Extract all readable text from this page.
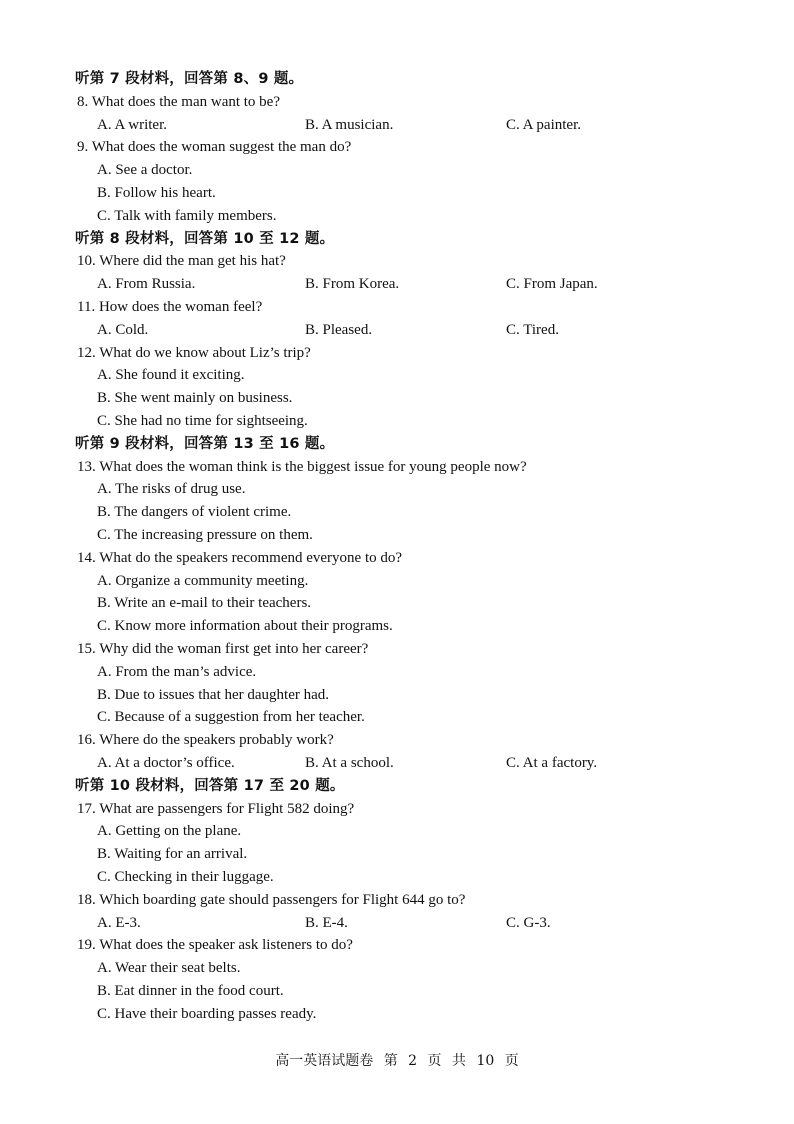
听第 7 段材料，回答第 8、9 题。
8. What does the man want to be?
A. A writer.	B. A musician.	C. A painter.
9. What does the woman suggest the man do?
A. See a doctor.
B. Follow his heart.
C. Talk with family members.
听第 8 段材料，回答第 10 至 12 题。
10. Where did the man get his hat?
A. From Russia.	B. From Korea.	C. From Japan.
11. How does the woman feel?
A. Cold.	B. Pleased.	C. Tired.
12. What do we know about Liz’s trip?
A. She found it exciting.
B. She went mainly on business.
C. She had no time for sightseeing.
听第 9 段材料，回答第 13 至 16 题。
13. What does the woman think is the biggest issue for young people now?
A. The risks of drug use.
B. The dangers of violent crime.
C. The increasing pressure on them.
14. What do the speakers recommend everyone to do?
A. Organize a community meeting.
B. Write an e-mail to their teachers.
C. Know more information about their programs.
15. Why did the woman first get into her career?
A. From the man’s advice.
B. Due to issues that her daughter had.
C. Because of a suggestion from her teacher.
16. Where do the speakers probably work?
A. At a doctor’s office.	B. At a school.	C. At a factory.
听第 10 段材料，回答第 17 至 20 题。
17. What are passengers for Flight 582 doing?
A. Getting on the plane.
B. Waiting for an arrival.
C. Checking in their luggage.
18. Which boarding gate should passengers for Flight 644 go to?
A. E-3.	B. E-4.	C. G-3.
19. What does the speaker ask listeners to do?
A. Wear their seat belts.
B. Eat dinner in the food court.
C. Have their boarding passes ready.
高一英语试题卷 第 2 页 共 10 页
